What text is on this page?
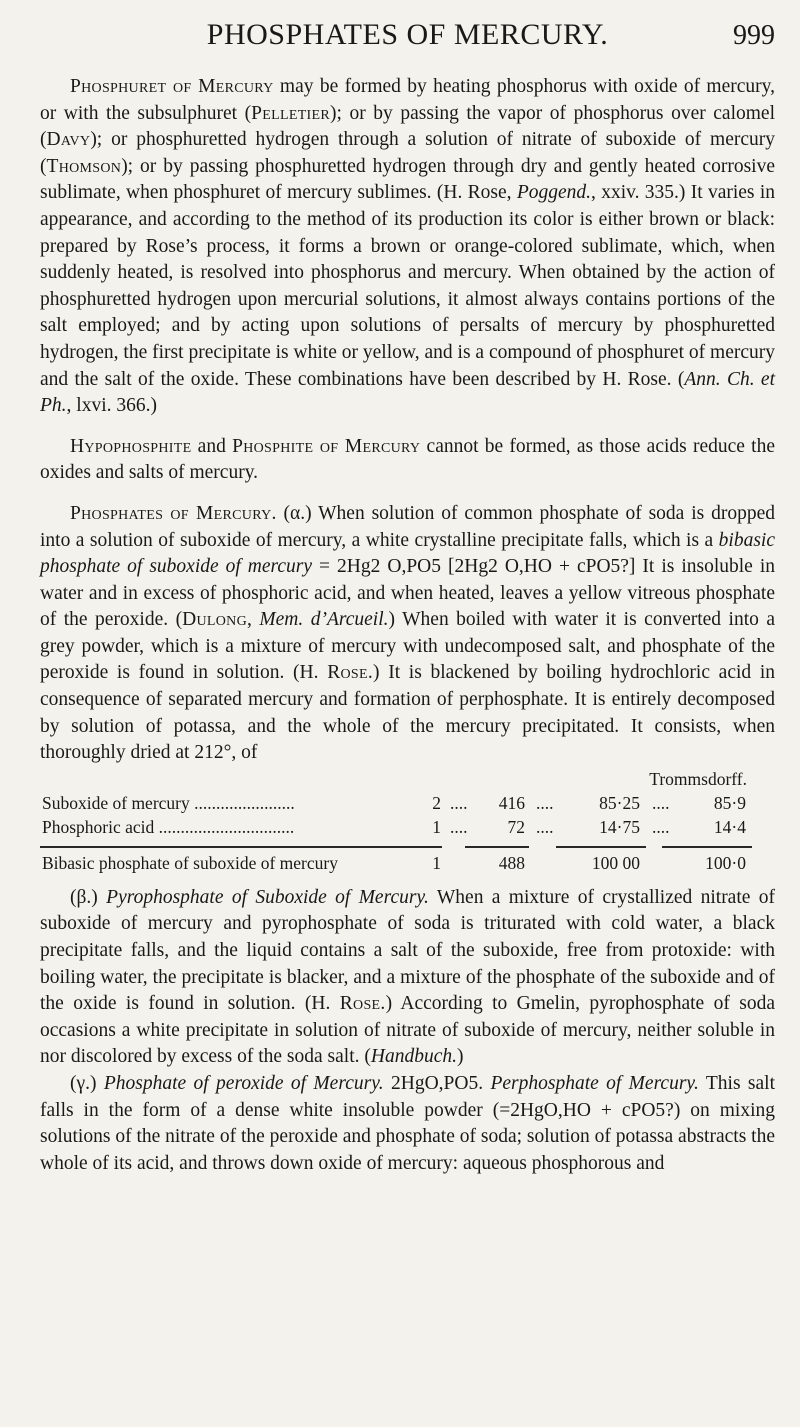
PHOSPHATES OF MERCURY.	999

Phosphuret of Mercury may be formed by heating phosphorus with oxide of mercury, or with the subsulphuret (Pelletier); or by passing the vapor of phosphorus over calomel (Davy); or phosphuretted hydrogen through a solution of nitrate of suboxide of mercury (Thomson); or by passing phosphuretted hydrogen through dry and gently heated corrosive sublimate, when phosphuret of mercury sublimes. (H. Rose, Poggend., xxiv. 335.) It varies in appearance, and according to the method of its production its color is either brown or black: prepared by Rose’s process, it forms a brown or orange-colored sublimate, which, when suddenly heated, is resolved into phosphorus and mercury. When obtained by the action of phosphuretted hydrogen upon mercurial solutions, it almost always contains portions of the salt employed; and by acting upon solutions of persalts of mercury by phosphuretted hydrogen, the first precipitate is white or yellow, and is a compound of phosphuret of mercury and the salt of the oxide. These combinations have been described by H. Rose. (Ann. Ch. et Ph., lxvi. 366.)

Hypophosphite and Phosphite of Mercury cannot be formed, as those acids reduce the oxides and salts of mercury.

Phosphates of Mercury. (α.) When solution of common phosphate of soda is dropped into a solution of suboxide of mercury, a white crystalline precipitate falls, which is a bibasic phosphate of suboxide of mercury = 2Hg2 O,PO5 [2Hg2 O,HO + cPO5?] It is insoluble in water and in excess of phosphoric acid, and when heated, leaves a yellow vitreous phosphate of the peroxide. (Dulong, Mem. d’Arcueil.) When boiled with water it is converted into a grey powder, which is a mixture of mercury with undecomposed salt, and phosphate of the peroxide is found in solution. (H. Rose.) It is blackened by boiling hydrochloric acid in consequence of separated mercury and formation of perphosphate. It is entirely decomposed by solution of potassa, and the whole of the mercury precipitated. It consists, when thoroughly dried at 212°, of

Trommsdorff.
Suboxide of mercury .......................	2 ....	416 ....	85·25 ....	85·9
Phosphoric acid ...............................	1 ....	72 ....	14·75 ....	14·4
Bibasic phosphate of suboxide of mercury	1	488	100 00	100·0

(β.) Pyrophosphate of Suboxide of Mercury. When a mixture of crystallized nitrate of suboxide of mercury and pyrophosphate of soda is triturated with cold water, a black precipitate falls, and the liquid contains a salt of the suboxide, free from protoxide: with boiling water, the precipitate is blacker, and a mixture of the phosphate of the suboxide and of the oxide is found in solution. (H. Rose.) According to Gmelin, pyrophosphate of soda occasions a white precipitate in solution of nitrate of suboxide of mercury, neither soluble in nor discolored by excess of the soda salt. (Handbuch.)

(γ.) Phosphate of peroxide of Mercury. 2HgO,PO5. Perphosphate of Mercury. This salt falls in the form of a dense white insoluble powder (=2HgO,HO + cPO5?) on mixing solutions of the nitrate of the peroxide and phosphate of soda; solution of potassa abstracts the whole of its acid, and throws down oxide of mercury: aqueous phosphorous and
